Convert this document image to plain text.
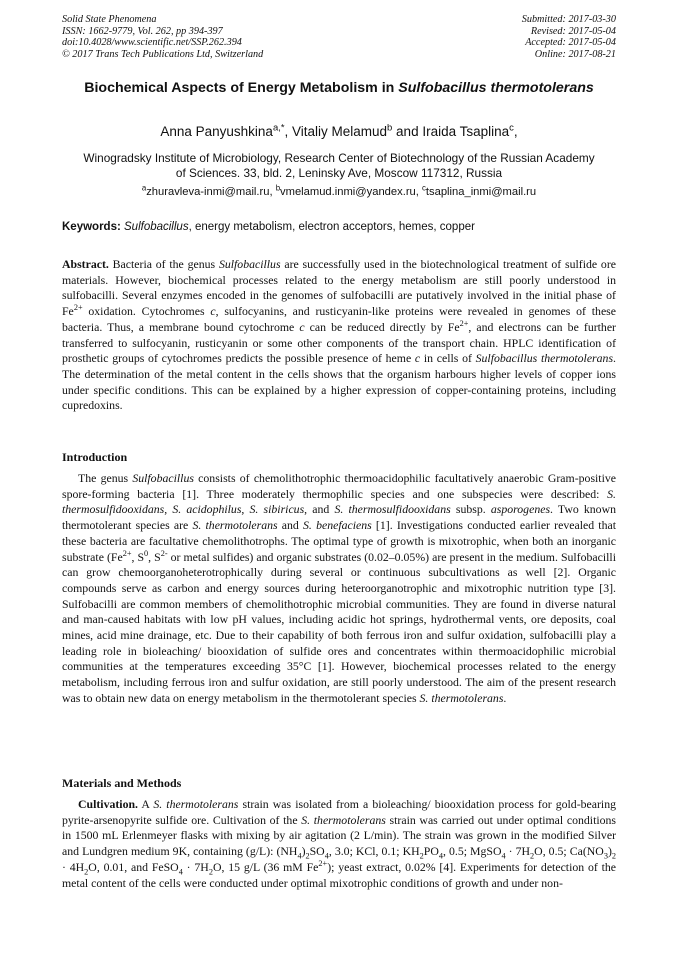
Solid State Phenomena
ISSN: 1662-9779, Vol. 262, pp 394-397
doi:10.4028/www.scientific.net/SSP.262.394
© 2017 Trans Tech Publications Ltd, Switzerland
Submitted: 2017-03-30
Revised: 2017-05-04
Accepted: 2017-05-04
Online: 2017-08-21
Biochemical Aspects of Energy Metabolism in Sulfobacillus thermotolerans
Anna Panyushkina$^{a,*}$, Vitaliy Melamud$^b$ and Iraida Tsaplina$^c$,
Winogradsky Institute of Microbiology, Research Center of Biotechnology of the Russian Academy
of Sciences. 33, bld. 2, Leninsky Ave, Moscow 117312, Russia
$^a$zhuravleva-inmi@mail.ru, $^b$vmelamud.inmi@yandex.ru, $^c$tsaplina_inmi@mail.ru
Keywords: Sulfobacillus, energy metabolism, electron acceptors, hemes, copper
Abstract. Bacteria of the genus Sulfobacillus are successfully used in the biotechnological treatment of sulfide ore materials. However, biochemical processes related to the energy metabolism are still poorly understood in sulfobacilli. Several enzymes encoded in the genomes of sulfobacilli are putatively involved in the initial phase of $Fe^{2+}$ oxidation. Cytochromes c, sulfocyanins, and rusticyanin-like proteins were revealed in genomes of these bacteria. Thus, a membrane bound cytochrome c can be reduced directly by $Fe^{2+}$, and electrons can be further transferred to sulfocyanin, rusticyanin or some other components of the transport chain. HPLC identification of prosthetic groups of cytochromes predicts the possible presence of heme c in cells of Sulfobacillus thermotolerans. The determination of the metal content in the cells shows that the organism harbours higher levels of copper ions under specific conditions. This can be explained by a higher expression of copper-containing proteins, including cupredoxins.
Introduction
The genus Sulfobacillus consists of chemolithotrophic thermoacidophilic facultatively anaerobic Gram-positive spore-forming bacteria [1]. Three moderately thermophilic species and one subspecies were described: S. thermosulfidooxidans, S. acidophilus, S. sibiricus, and S. thermosulfidooxidans subsp. asporogenes. Two known thermotolerant species are S. thermotolerans and S. benefaciens [1]. Investigations conducted earlier revealed that these bacteria are facultative chemolithotrophs. The optimal type of growth is mixotrophic, when both an inorganic substrate ($Fe^{2+}$, $S^0$, $S^{2-}$ or metal sulfides) and organic substrates (0.02–0.05%) are present in the medium. Sulfobacilli can grow chemoorganoheterotrophically during several or continuous subcultivations as well [2]. Organic compounds serve as carbon and energy sources during heteroorganotrophic and mixotrophic nutrition type [3]. Sulfobacilli are common members of chemolithotrophic microbial communities. They are found in diverse natural and man-caused habitats with low pH values, including acidic hot springs, hydrothermal vents, ore deposits, coal mines, acid mine drainage, etc. Due to their capability of both ferrous iron and sulfur oxidation, sulfobacilli play a leading role in bioleaching/ biooxidation of sulfide ores and concentrates within thermoacidophilic microbial communities at the temperatures exceeding 35°C [1]. However, biochemical processes related to the energy metabolism, including ferrous iron and sulfur oxidation, are still poorly understood. The aim of the present research was to obtain new data on energy metabolism in the thermotolerant species S. thermotolerans.
Materials and Methods
Cultivation. A S. thermotolerans strain was isolated from a bioleaching/ biooxidation process for gold-bearing pyrite-arsenopyrite sulfide ore. Cultivation of the S. thermotolerans strain was carried out under optimal conditions in 1500 mL Erlenmeyer flasks with mixing by air agitation (2 L/min). The strain was grown in the modified Silver and Lundgren medium 9K, containing (g/L): $(NH_4)_2SO_4$, 3.0; KCl, 0.1; $KH_2PO_4$, 0.5; MgSO$_4$ · $7H_2O$, 0.5; $Ca(NO_3)_2 \cdot 4H_2O$, 0.01, and FeSO$_4$ · $7H_2O$, 15 g/L (36 mM $Fe^{2+}$); yeast extract, 0.02% [4]. Experiments for detection of the metal content of the cells were conducted under optimal mixotrophic conditions of growth and under non-
